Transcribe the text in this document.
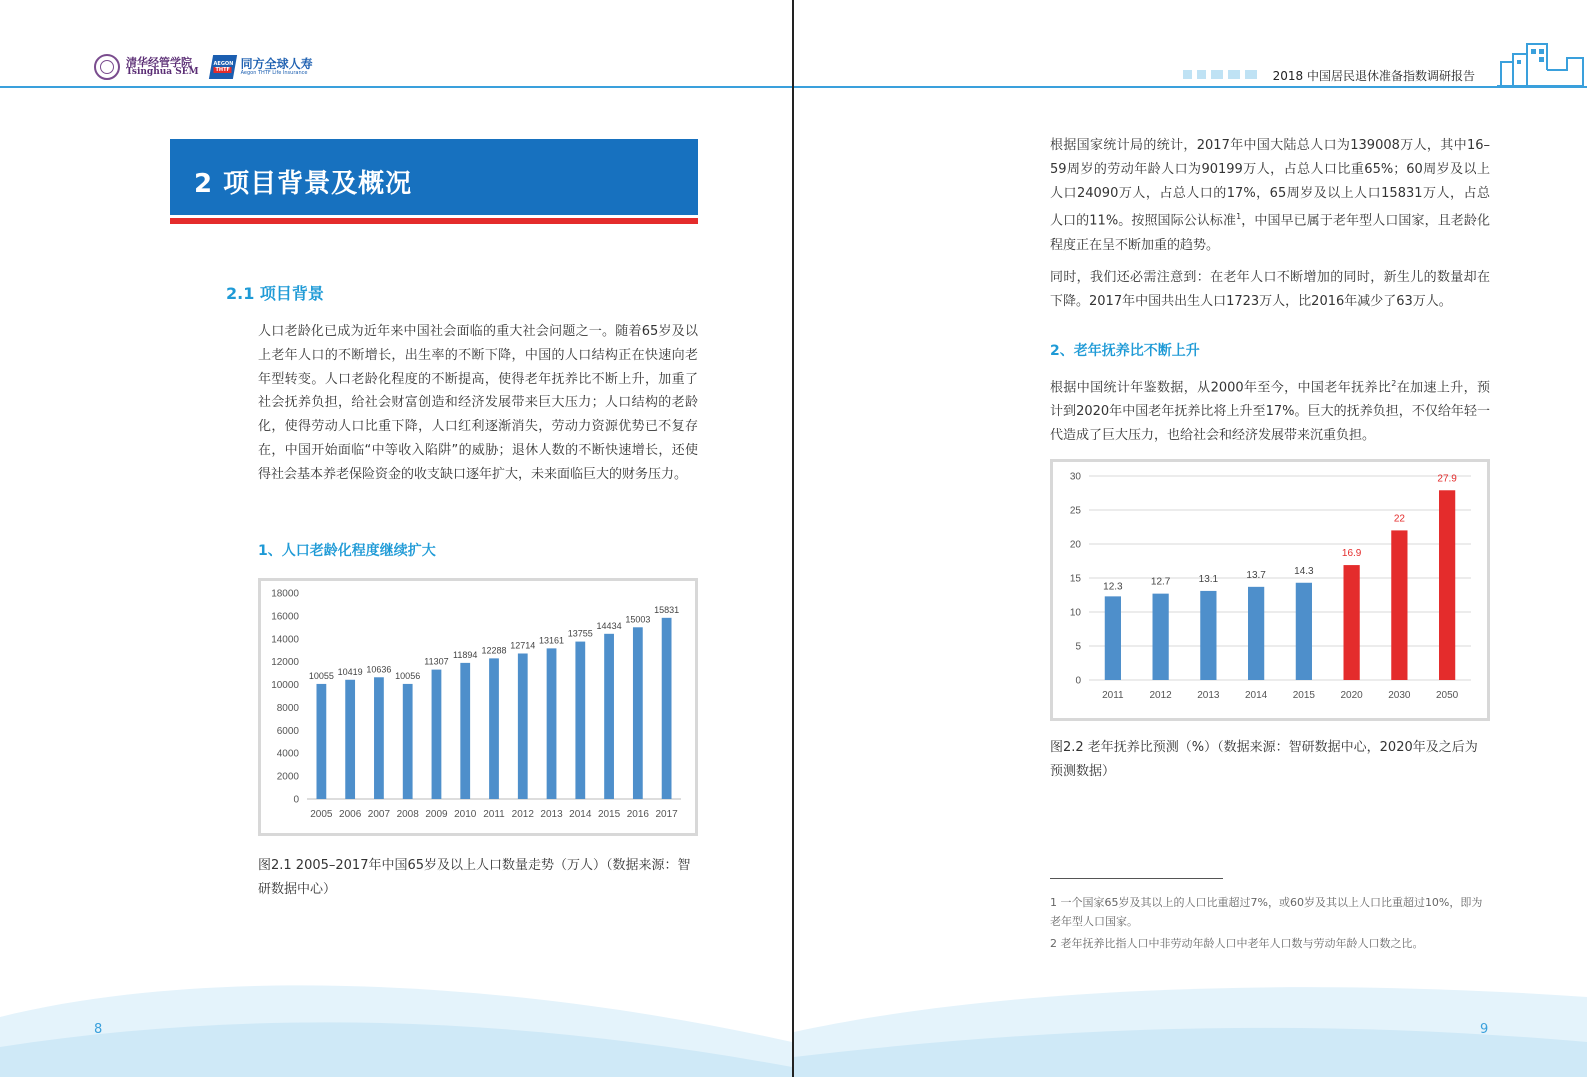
清华经管学院
Tsinghua SEM
AEGON
THTF 同方全球人寿
Aegon THTF Life Insurance	2018 中国居民退休准备指数调研报告
2 项目背景及概况
2.1 项目背景
人口老龄化已成为近年来中国社会面临的重大社会问题之一。随着65岁及以上老年人口的不断增长，出生率的不断下降，中国的人口结构正在快速向老年型转变。人口老龄化程度的不断提高，使得老年抚养比不断上升，加重了社会抚养负担，给社会财富创造和经济发展带来巨大压力；人口结构的老龄化，使得劳动人口比重下降，人口红利逐渐消失，劳动力资源优势已不复存在，中国开始面临“中等收入陷阱”的威胁；退休人数的不断快速增长，还使得社会基本养老保险资金的收支缺口逐年扩大，未来面临巨大的财务压力。
1、人口老龄化程度继续扩大
0
2000
4000
6000
8000
10000
12000
14000
16000
18000
10055
2005
10419
2006
10636
2007
10056
2008
11307
2009
11894
2010
12288
2011
12714
2012
13161
2013
13755
2014
14434
2015
15003
2016
15831
2017
图2.1 2005–2017年中国65岁及以上人口数量走势（万人）（数据来源：智研数据中心）
8
根据国家统计局的统计，2017年中国大陆总人口为139008万人，其中16–59周岁的劳动年龄人口为90199万人，占总人口比重65%；60周岁及以上人口24090万人，占总人口的17%，65周岁及以上人口15831万人，占总人口的11%。按照国际公认标准$^1$，中国早已属于老年型人口国家，且老龄化程度正在呈不断加重的趋势。
同时，我们还必需注意到：在老年人口不断增加的同时，新生儿的数量却在下降。2017年中国共出生人口1723万人，比2016年减少了63万人。
2、老年抚养比不断上升
根据中国统计年鉴数据，从2000年至今，中国老年抚养比$^2$在加速上升，预计到2020年中国老年抚养比将上升至17%。巨大的抚养负担，不仅给年轻一代造成了巨大压力，也给社会和经济发展带来沉重负担。
0
5
10
15
20
25
30
12.3
2011
12.7
2012
13.1
2013
13.7
2014
14.3
2015
16.9
2020
22
2030
27.9
2050
图2.2 老年抚养比预测（%）（数据来源：智研数据中心，2020年及之后为预测数据）
1 一个国家65岁及其以上的人口比重超过7%，或60岁及其以上人口比重超过10%，即为老年型人口国家。
2 老年抚养比指人口中非劳动年龄人口中老年人口数与劳动年龄人口数之比。
9
